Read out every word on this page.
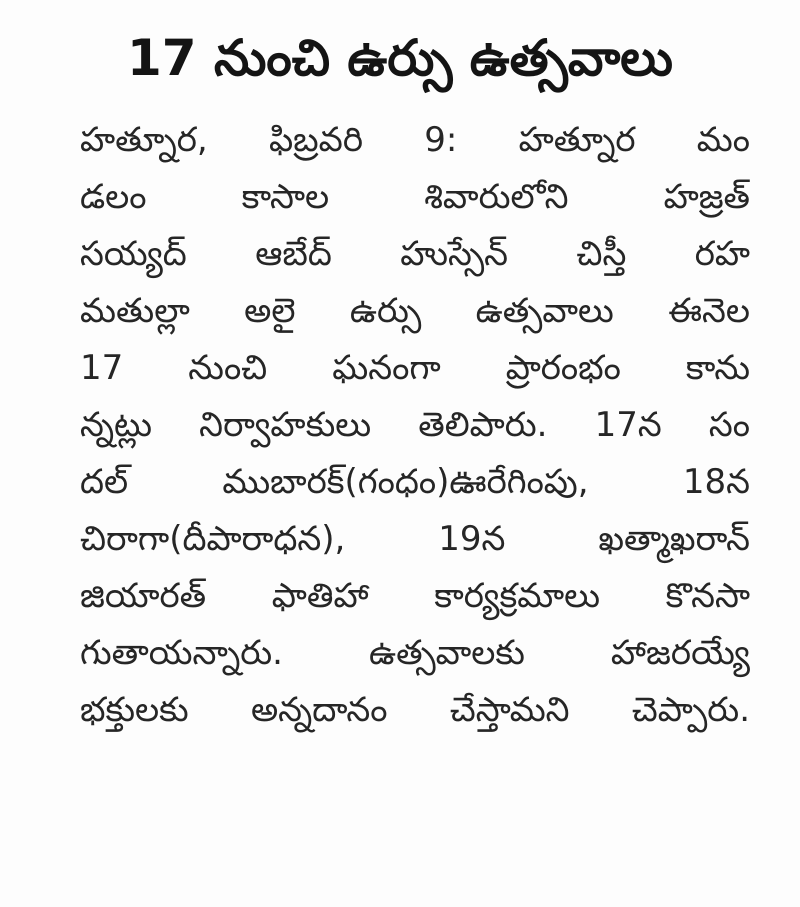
17 నుంచి ఉర్సు ఉత్సవాలు
హత్నూర, ఫిబ్రవరి 9: హత్నూర మం
డలం కాసాల శివారులోని హజ్రత్
సయ్యద్ ఆబేద్ హుస్సేన్ చిస్తీ రహ
మతుల్లా అలై ఉర్సు ఉత్సవాలు ఈనెల
17 నుంచి ఘనంగా ప్రారంభం కాను
న్నట్లు నిర్వాహకులు తెలిపారు. 17న సం
దల్ ముబారక్(గంధం)ఊరేగింపు, 18న
చిరాగా(దీపారాధన), 19న ఖత్మాఖరాన్
జియారత్ ఫాతిహా కార్యక్రమాలు కొనసా
గుతాయన్నారు. ఉత్సవాలకు హాజరయ్యే
భక్తులకు అన్నదానం చేస్తామని చెప్పారు.
